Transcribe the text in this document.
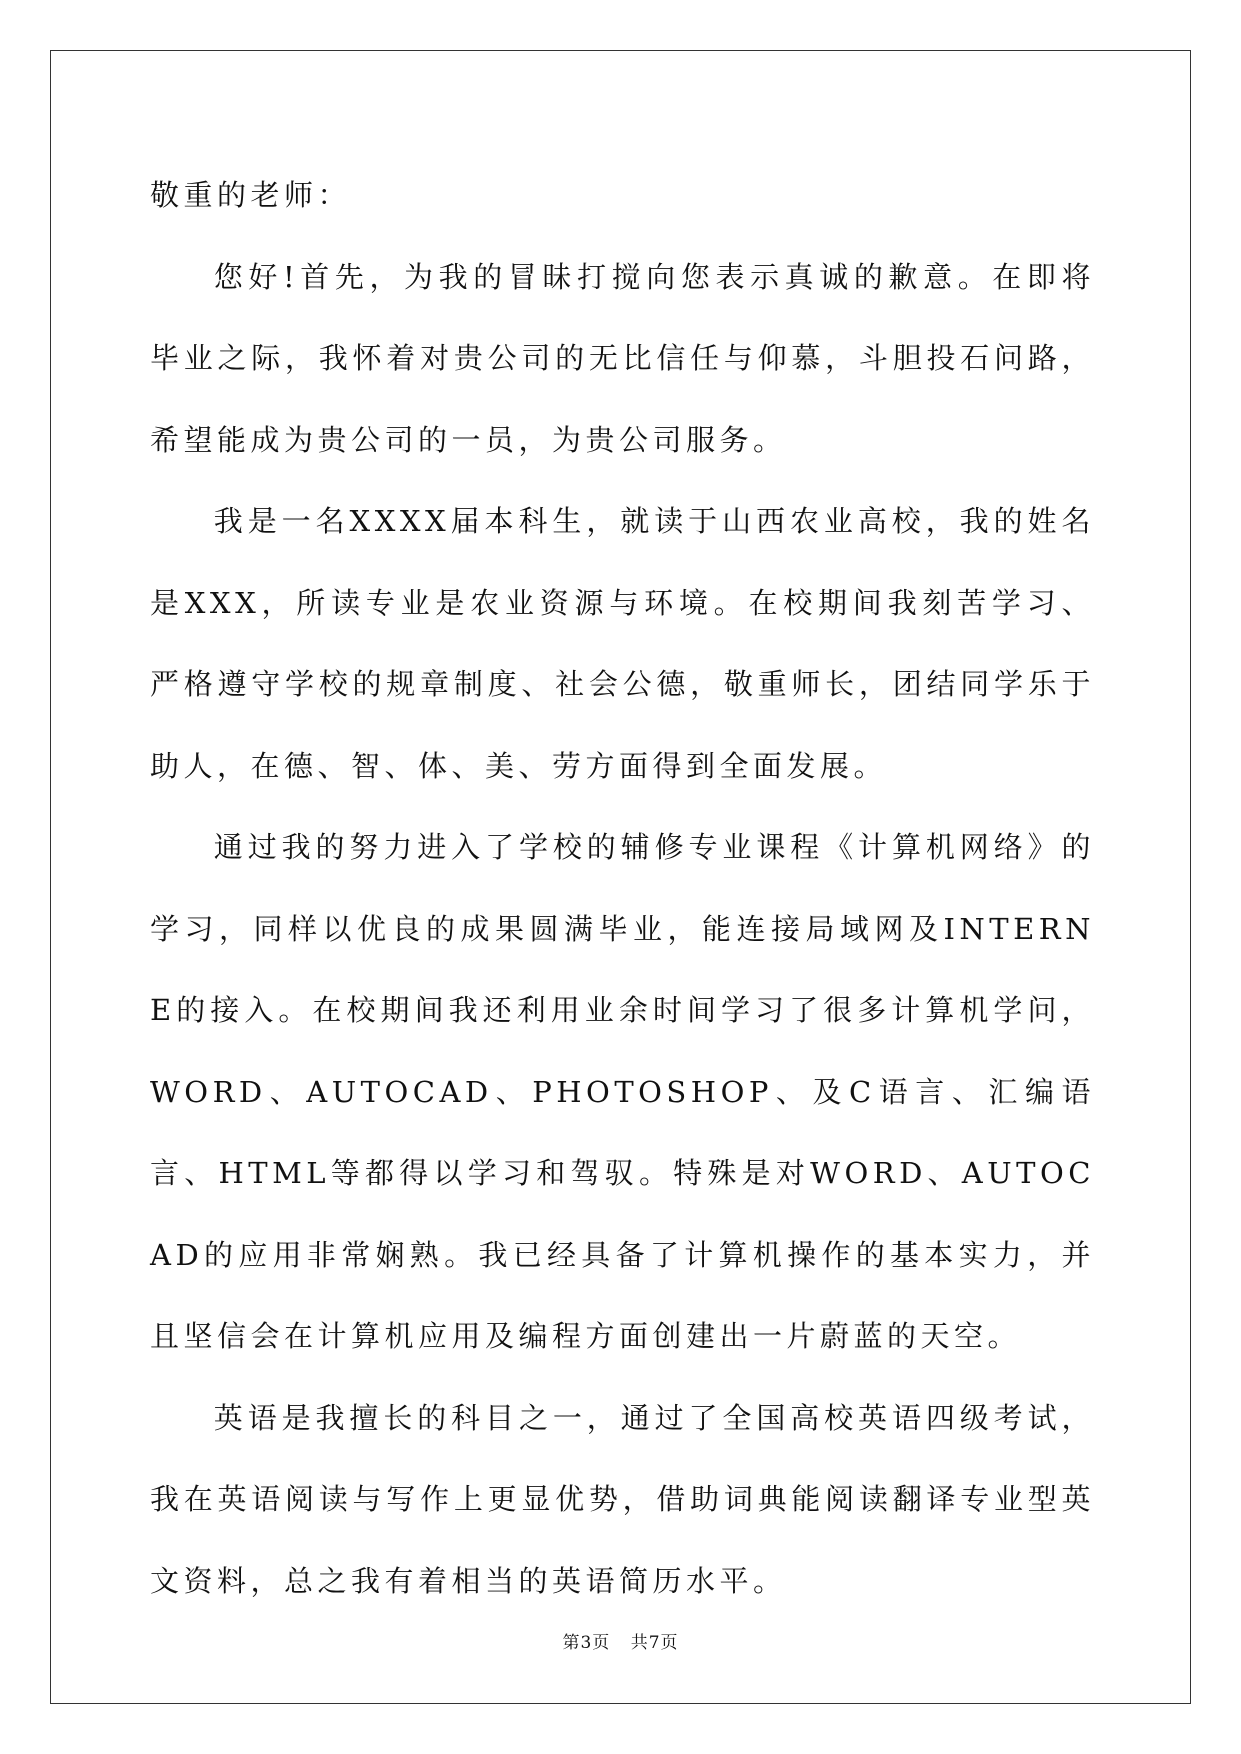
敬重的老师：

您好!首先，为我的冒昧打搅向您表示真诚的歉意。在即将毕业之际，我怀着对贵公司的无比信任与仰慕，斗胆投石问路，希望能成为贵公司的一员，为贵公司服务。

我是一名XXXX届本科生，就读于山西农业高校，我的姓名是XXX，所读专业是农业资源与环境。在校期间我刻苦学习、严格遵守学校的规章制度、社会公德，敬重师长，团结同学乐于助人，在德、智、体、美、劳方面得到全面发展。

通过我的努力进入了学校的辅修专业课程《计算机网络》的学习，同样以优良的成果圆满毕业，能连接局域网及INTERNE的接入。在校期间我还利用业余时间学习了很多计算机学问，WORD、AUTOCAD、PHOTOSHOP、及C语言、汇编语言、HTML等都得以学习和驾驭。特殊是对WORD、AUTOCAD的应用非常娴熟。我已经具备了计算机操作的基本实力，并且坚信会在计算机应用及编程方面创建出一片蔚蓝的天空。

英语是我擅长的科目之一，通过了全国高校英语四级考试，我在英语阅读与写作上更显优势，借助词典能阅读翻译专业型英文资料，总之我有着相当的英语简历水平。

第3页 共7页
